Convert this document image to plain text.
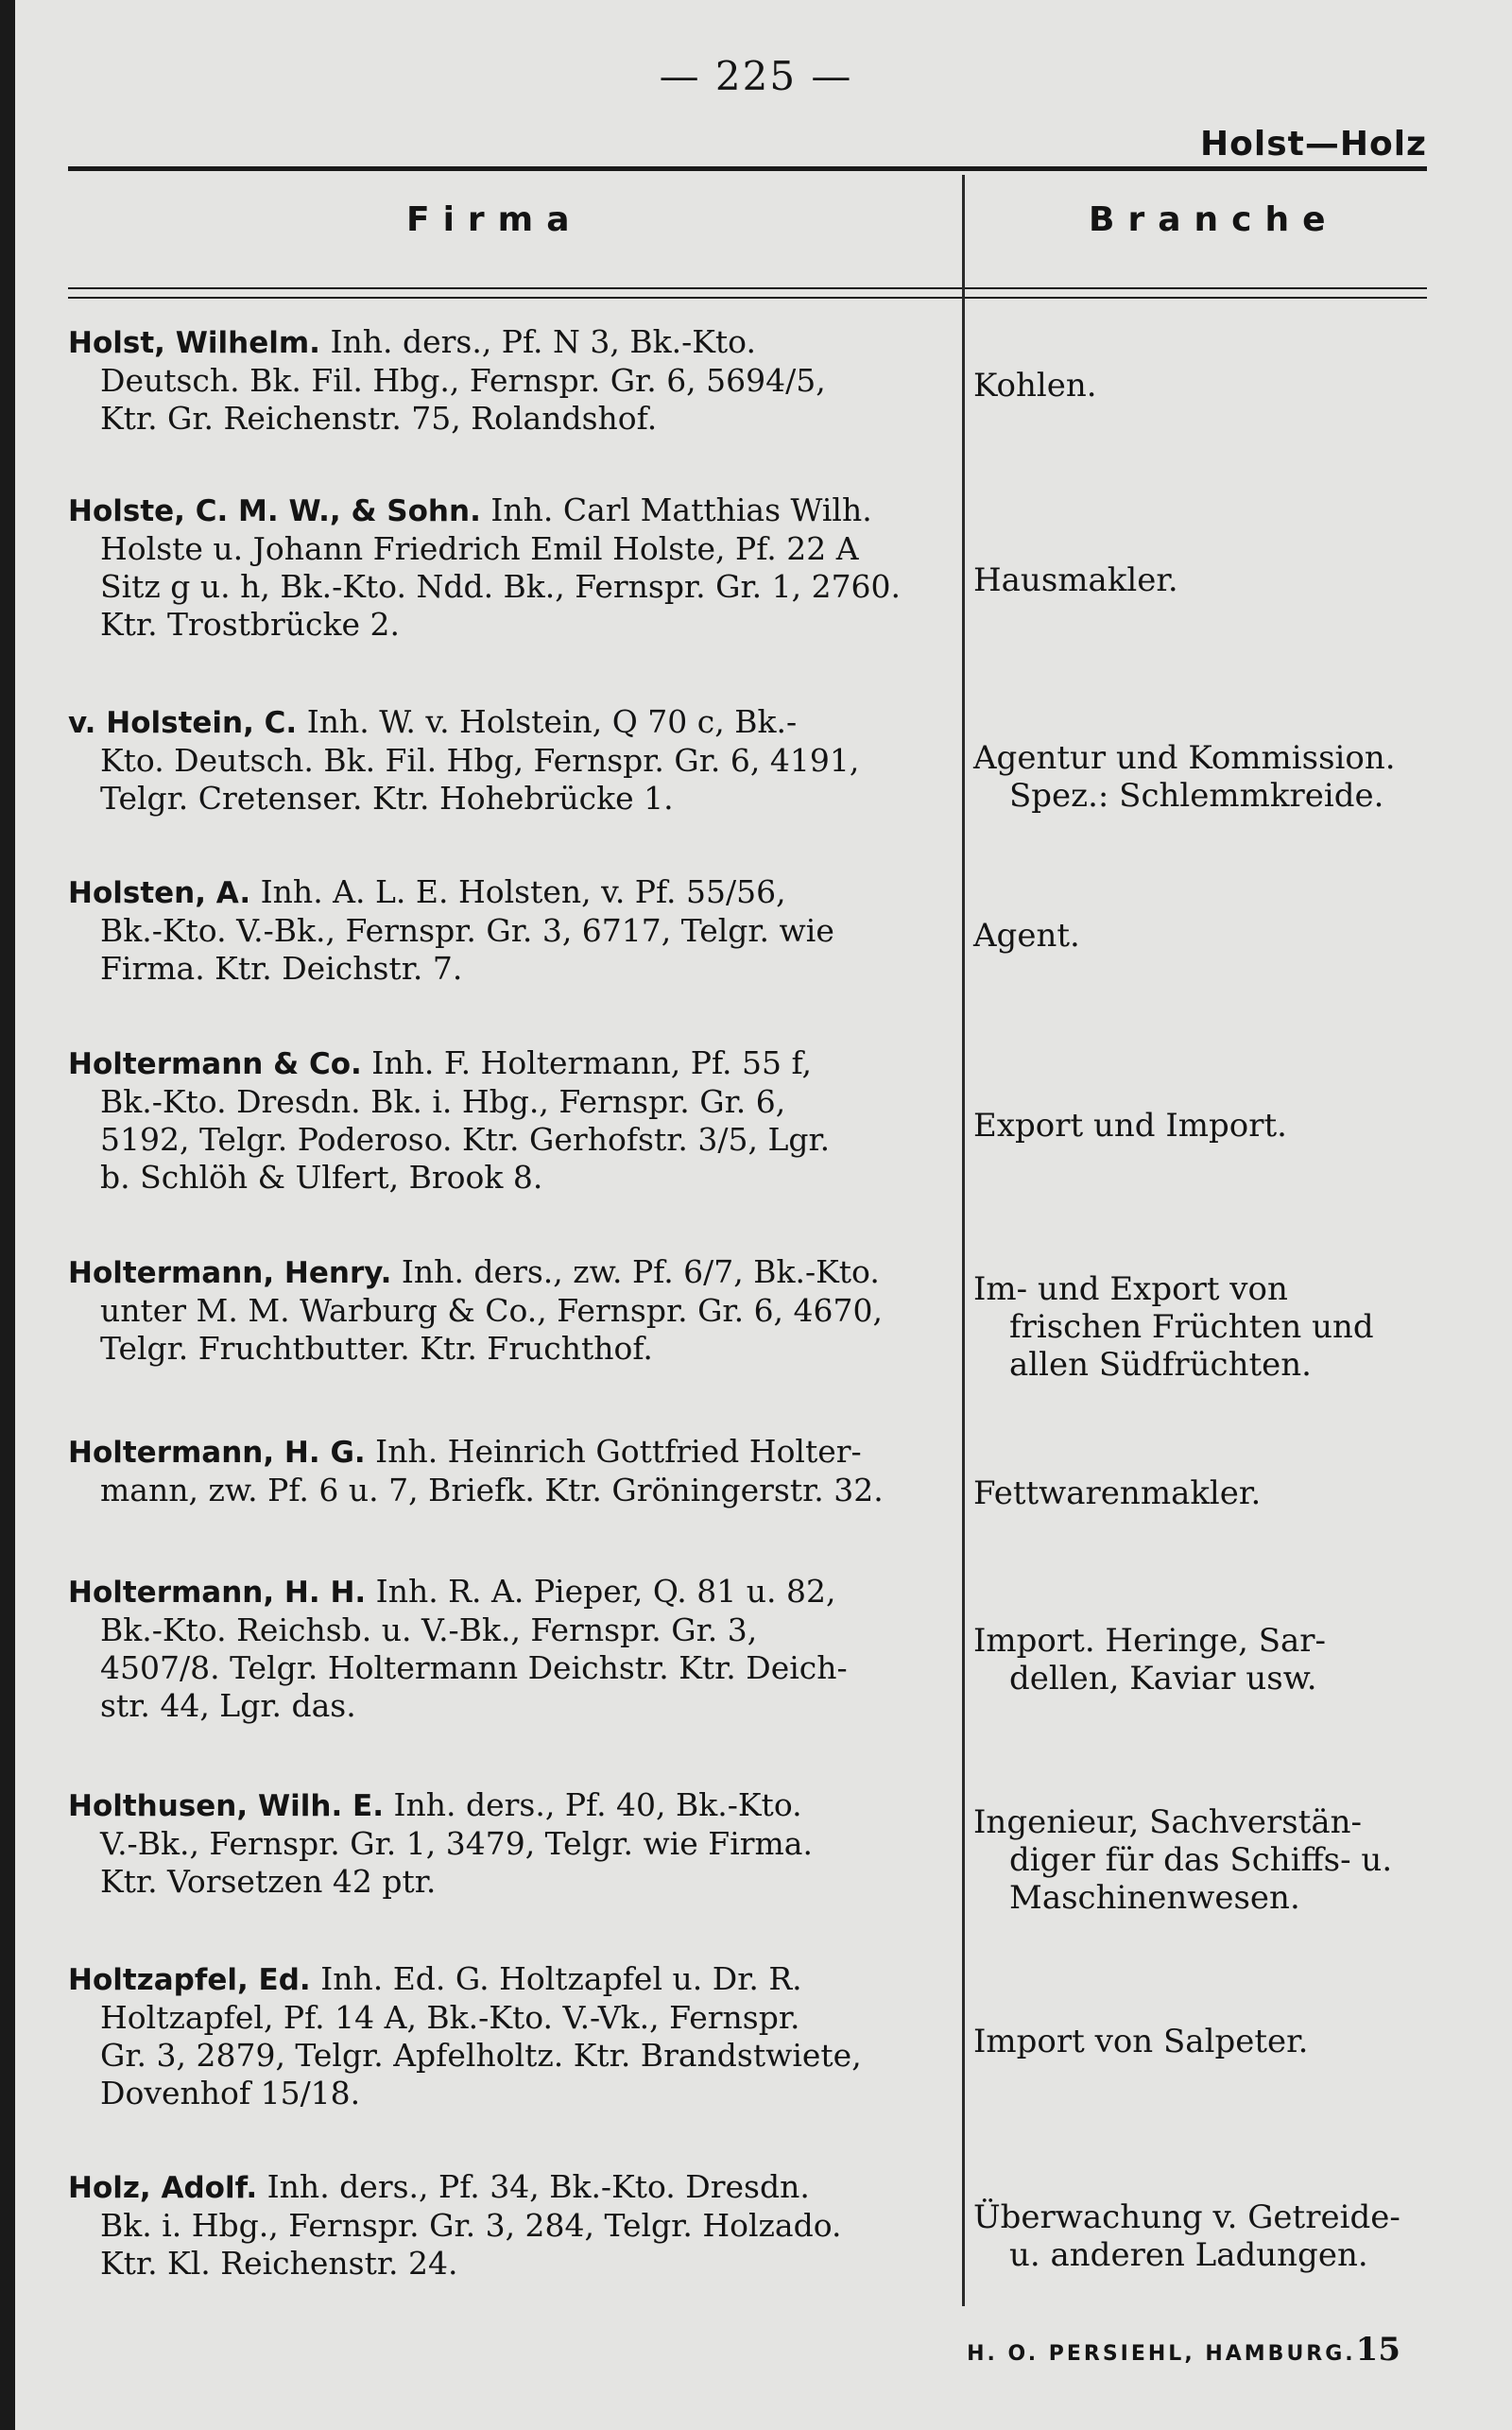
— 225 —
Holst—Holz
Firma	Branche
Holst, Wilhelm. Inh. ders., Pf. N 3, Bk.-Kto.
Deutsch. Bk. Fil. Hbg., Fernspr. Gr. 6, 5694/5,
Ktr. Gr. Reichenstr. 75, Rolandshof.
Kohlen.
Holste, C. M. W., & Sohn. Inh. Carl Matthias Wilh.
Holste u. Johann Friedrich Emil Holste, Pf. 22 A
Sitz g u. h, Bk.-Kto. Ndd. Bk., Fernspr. Gr. 1, 2760.
Ktr. Trostbrücke 2.
Hausmakler.
v. Holstein, C. Inh. W. v. Holstein, Q 70 c, Bk.-
Kto. Deutsch. Bk. Fil. Hbg, Fernspr. Gr. 6, 4191,
Telgr. Cretenser. Ktr. Hohebrücke 1.
Agentur und Kommission.
Spez.: Schlemmkreide.
Holsten, A. Inh. A. L. E. Holsten, v. Pf. 55/56,
Bk.-Kto. V.-Bk., Fernspr. Gr. 3, 6717, Telgr. wie
Firma. Ktr. Deichstr. 7.
Agent.
Holtermann & Co. Inh. F. Holtermann, Pf. 55 f,
Bk.-Kto. Dresdn. Bk. i. Hbg., Fernspr. Gr. 6,
5192, Telgr. Poderoso. Ktr. Gerhofstr. 3/5, Lgr.
b. Schlöh & Ulfert, Brook 8.
Export und Import.
Holtermann, Henry. Inh. ders., zw. Pf. 6/7, Bk.-Kto.
unter M. M. Warburg & Co., Fernspr. Gr. 6, 4670,
Telgr. Fruchtbutter. Ktr. Fruchthof.
Im- und Export von
frischen Früchten und
allen Südfrüchten.
Holtermann, H. G. Inh. Heinrich Gottfried Holter-
mann, zw. Pf. 6 u. 7, Briefk. Ktr. Gröningerstr. 32.	Fettwarenmakler.
Holtermann, H. H. Inh. R. A. Pieper, Q. 81 u. 82,
Bk.-Kto. Reichsb. u. V.-Bk., Fernspr. Gr. 3,
4507/8. Telgr. Holtermann Deichstr. Ktr. Deich-
str. 44, Lgr. das.
Import. Heringe, Sar-
dellen, Kaviar usw.
Holthusen, Wilh. E. Inh. ders., Pf. 40, Bk.-Kto.
V.-Bk., Fernspr. Gr. 1, 3479, Telgr. wie Firma.
Ktr. Vorsetzen 42 ptr.
Ingenieur, Sachverstän-
diger für das Schiffs- u.
Maschinenwesen.
Holtzapfel, Ed. Inh. Ed. G. Holtzapfel u. Dr. R.
Holtzapfel, Pf. 14 A, Bk.-Kto. V.-Vk., Fernspr.
Gr. 3, 2879, Telgr. Apfelholtz. Ktr. Brandstwiete,
Dovenhof 15/18.
Import von Salpeter.
Holz, Adolf. Inh. ders., Pf. 34, Bk.-Kto. Dresdn.
Bk. i. Hbg., Fernspr. Gr. 3, 284, Telgr. Holzado.
Ktr. Kl. Reichenstr. 24.
Überwachung v. Getreide-
u. anderen Ladungen.
H. O. PERSIEHL, HAMBURG.15
